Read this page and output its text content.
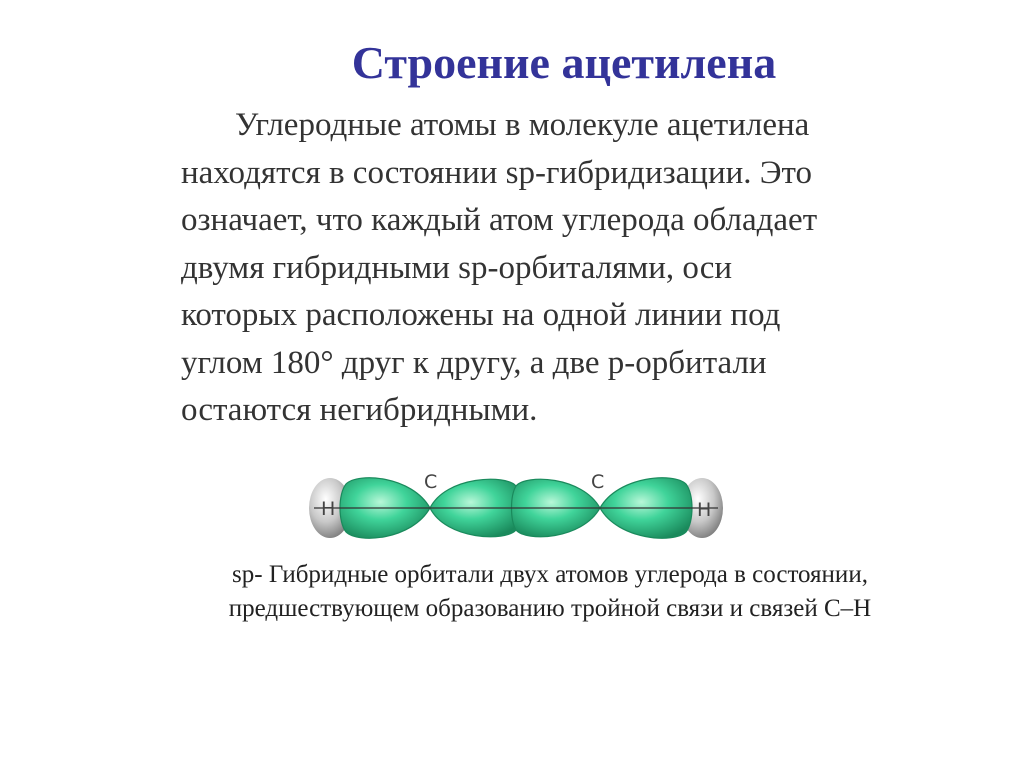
Строение ацетилена

Углеродные атомы в молекуле ацетилена
находятся в состоянии sp-гибридизации. Это
означает, что каждый атом углерода обладает
двумя гибридными sp-орбиталями, оси
которых расположены на одной линии под
углом 180° друг к другу, а две р-орбитали
остаются негибридными.

H
C	C
H

sp- Гибридные орбитали двух атомов углерода в состоянии,
предшествующем образованию тройной связи и связей С–Н
